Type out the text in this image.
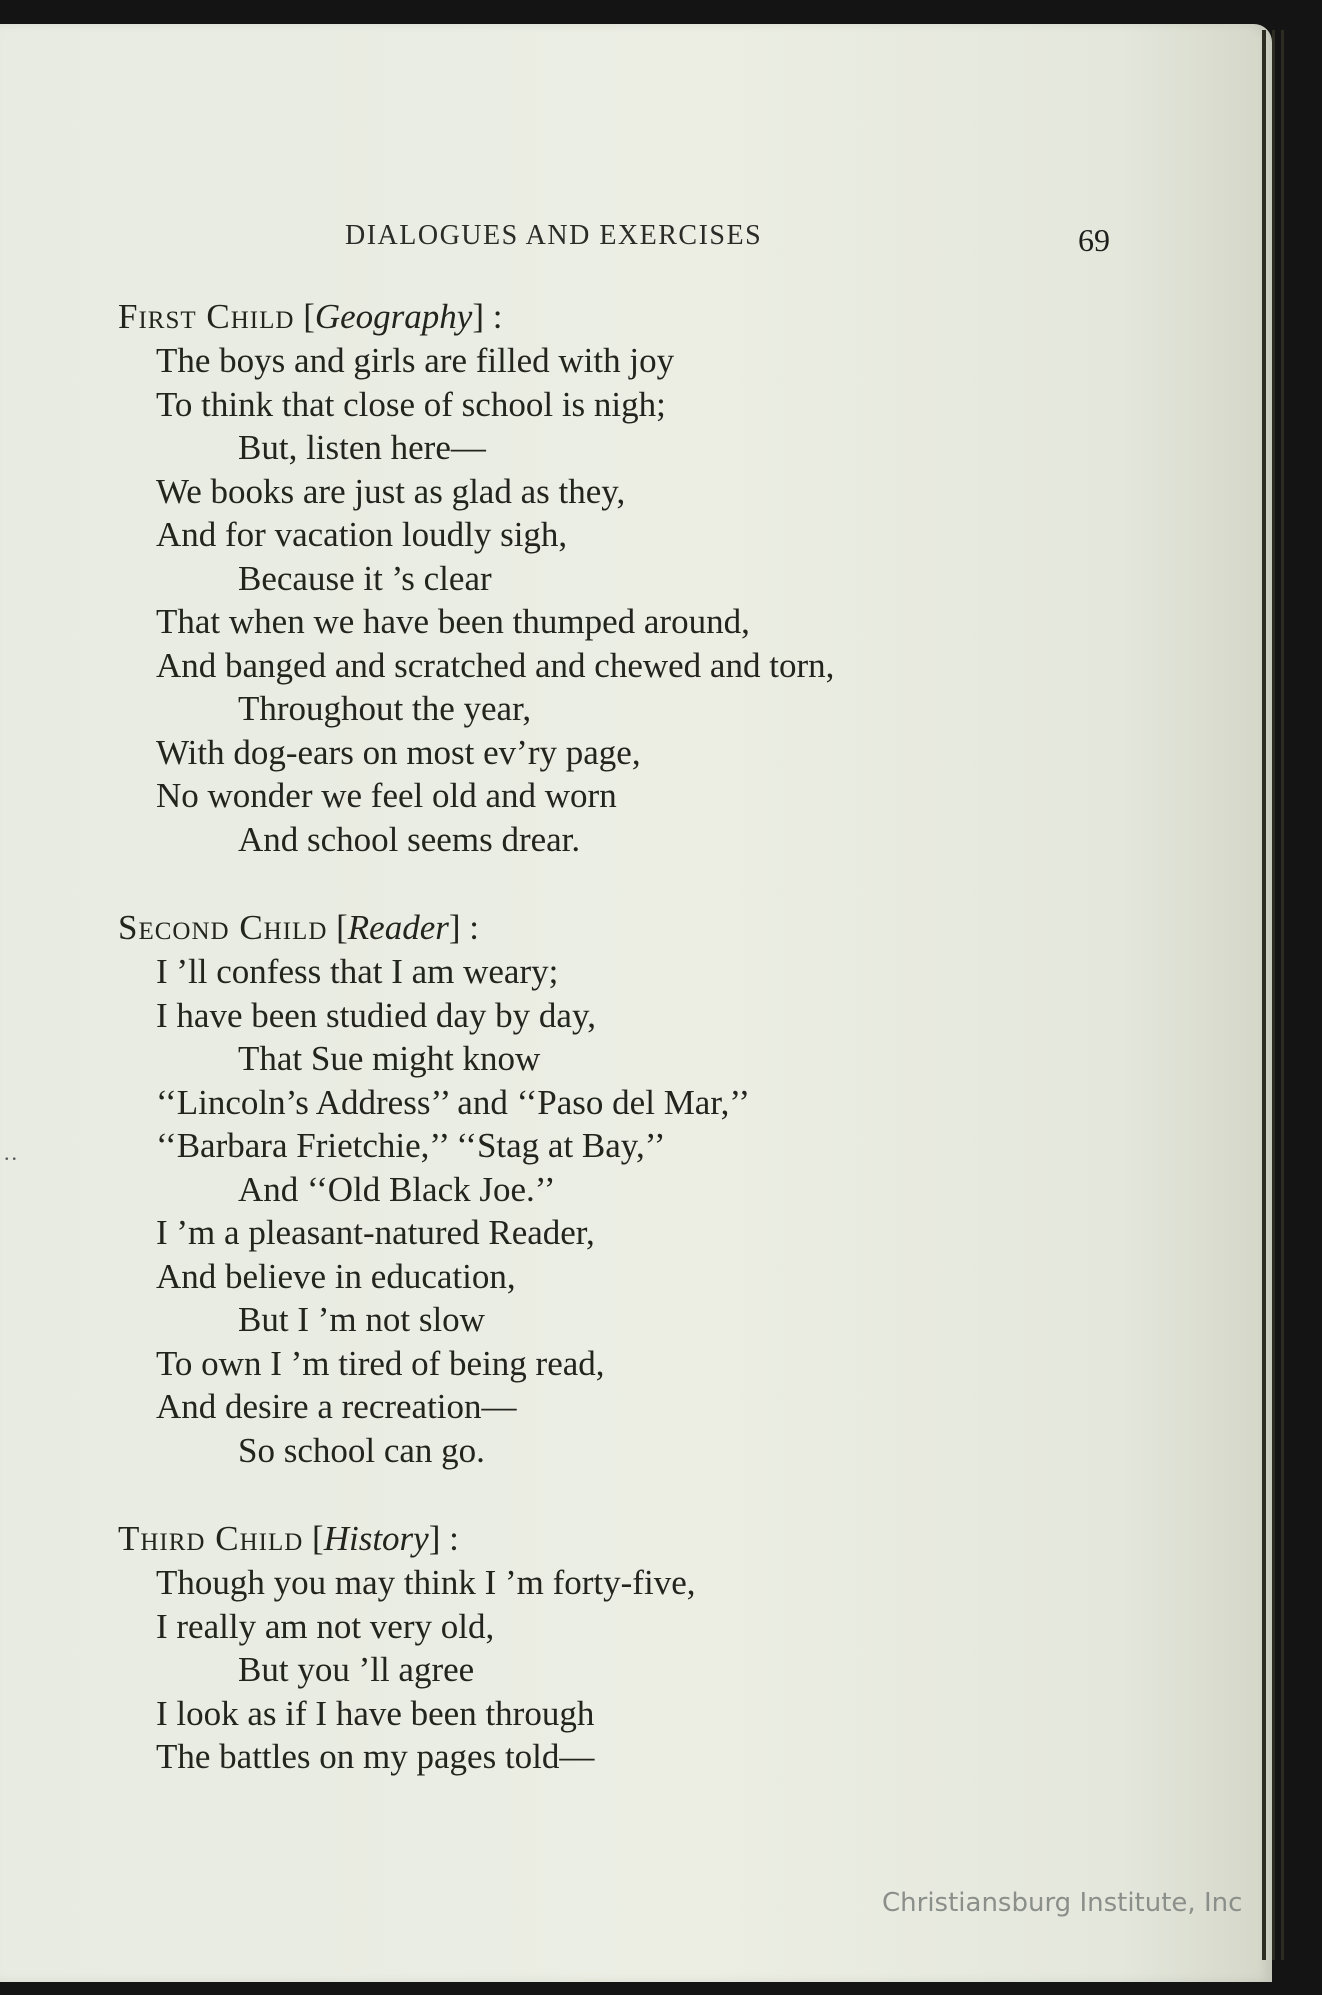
DIALOGUES AND EXERCISES	69
First Child [Geography] :
The boys and girls are filled with joy
To think that close of school is nigh;
But, listen here—
We books are just as glad as they,
And for vacation loudly sigh,
Because it ’s clear
That when we have been thumped around,
And banged and scratched and chewed and torn,
Throughout the year,
With dog-ears on most ev’ry page,
No wonder we feel old and worn
And school seems drear.
Second Child [Reader] :
I ’ll confess that I am weary;
I have been studied day by day,
That Sue might know
‘‘Lincoln’s Address’’ and ‘‘Paso del Mar,’’
‘‘Barbara Frietchie,’’ ‘‘Stag at Bay,’’
And ‘‘Old Black Joe.’’
I ’m a pleasant-natured Reader,
And believe in education,
But I ’m not slow
To own I ’m tired of being read,
And desire a recreation—
So school can go.
Third Child [History] :
Though you may think I ’m forty-five,
I really am not very old,
But you ’ll agree
I look as if I have been through
The battles on my pages told—
..
Christiansburg Institute, Inc
